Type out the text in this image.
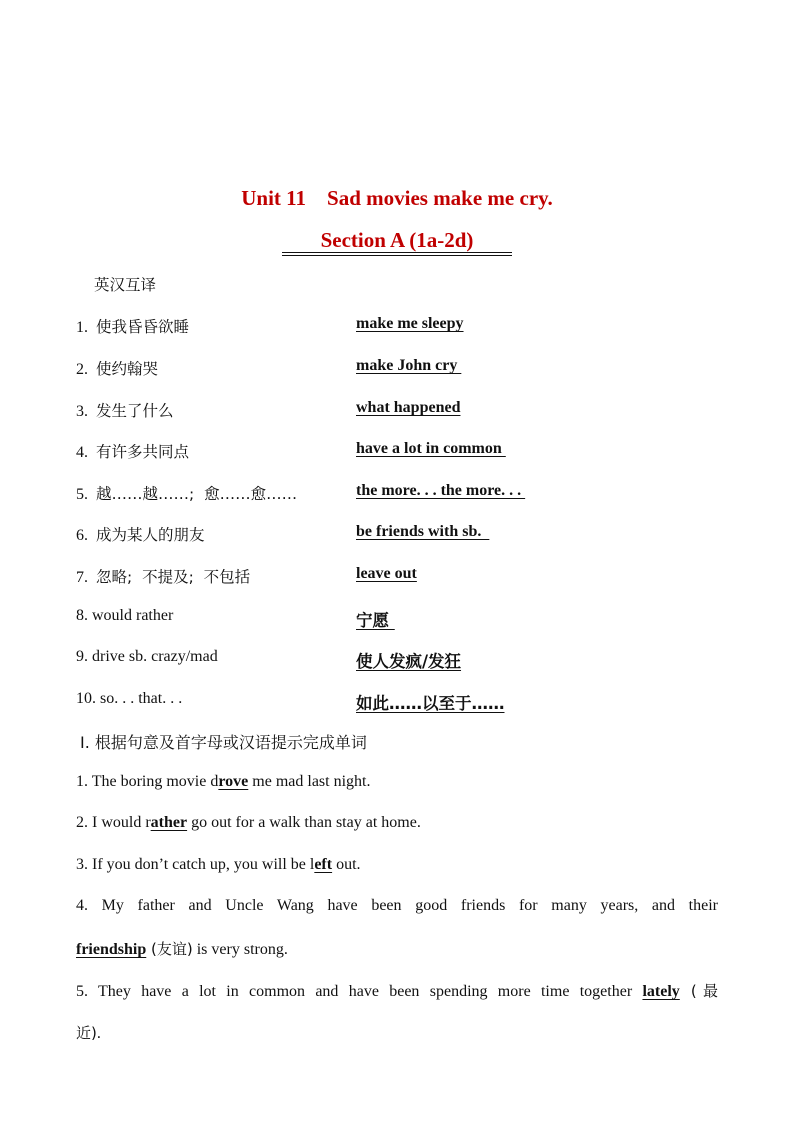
Unit 11    Sad movies make me cry.
Section A (1a-2d)
英汉互译
1.  使我昏昏欲睡	make me sleepy
2.  使约翰哭	make John cry
3.  发生了什么	what happened
4.  有许多共同点	have a lot in common
5.  越……越……;  愈……愈……	the more. . . the more. . .
6.  成为某人的朋友	be friends with sb.
7.  忽略;  不提及;  不包括	leave out
8. would rather	宁愿
9. drive sb. crazy/mad	使人发疯/发狂
10. so. . . that. . .	如此……以至于……
Ⅰ. 根据句意及首字母或汉语提示完成单词
1. The boring movie drove me mad last night.
2. I would rather go out for a walk than stay at home.
3. If you don’t catch up, you will be left out.
4. My father and Uncle Wang have been good friends for many years, and their
friendship (友谊) is very strong.
5. They have a lot in common and have been spending more time together lately (最
近).
